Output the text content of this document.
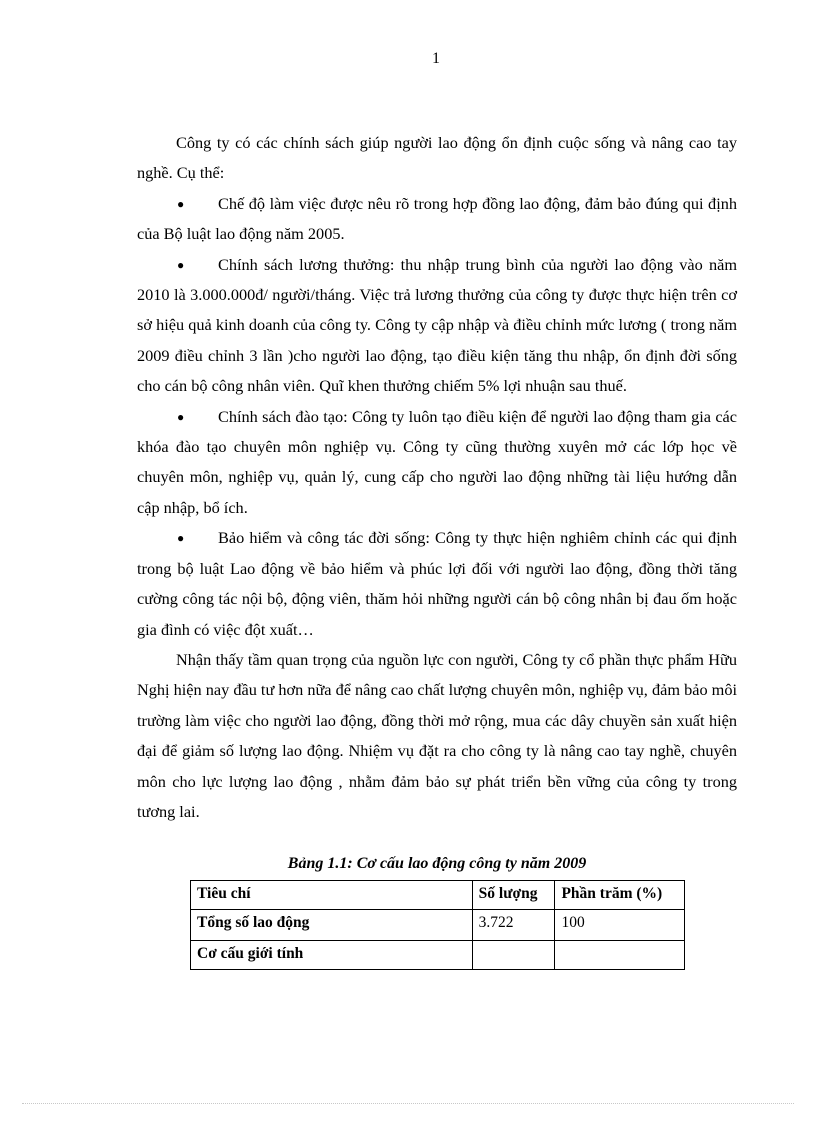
1

Công ty có các chính sách giúp người lao động ổn định cuộc sống và nâng cao tay nghề. Cụ thể:

● Chế độ làm việc được nêu rõ trong hợp đồng lao động, đảm bảo đúng qui định của Bộ luật lao động năm 2005.

● Chính sách lương thưởng: thu nhập trung bình của người lao động vào năm 2010 là 3.000.000đ/ người/tháng. Việc trả lương thưởng của công ty được thực hiện trên cơ sở hiệu quả kinh doanh của công ty. Công ty cập nhập và điều chỉnh mức lương ( trong năm 2009 điều chỉnh 3 lần )cho người lao động, tạo điều kiện tăng thu nhập, ổn định đời sống cho cán bộ công nhân viên. Quĩ khen thưởng chiếm 5% lợi nhuận sau thuế.

● Chính sách đào tạo: Công ty luôn tạo điều kiện để người lao động tham gia các khóa đào tạo chuyên môn nghiệp vụ. Công ty cũng thường xuyên mở các lớp học về chuyên môn, nghiệp vụ, quản lý, cung cấp cho người lao động những tài liệu hướng dẫn cập nhập, bổ ích.

● Bảo hiểm và công tác đời sống: Công ty thực hiện nghiêm chỉnh các qui định trong bộ luật Lao động về bảo hiểm và phúc lợi đối với người lao động, đồng thời tăng cường công tác nội bộ, động viên, thăm hỏi những người cán bộ công nhân bị đau ốm hoặc gia đình có việc đột xuất…

Nhận thấy tầm quan trọng của nguồn lực con người, Công ty cổ phần thực phẩm Hữu Nghị hiện nay đầu tư hơn nữa để nâng cao chất lượng chuyên môn, nghiệp vụ, đảm bảo môi trường làm việc cho người lao động, đồng thời mở rộng, mua các dây chuyền sản xuất hiện đại để giảm số lượng lao động. Nhiệm vụ đặt ra cho công ty là nâng cao tay nghề, chuyên môn cho lực lượng lao động , nhằm đảm bảo sự phát triển bền vững của công ty trong tương lai.

Bảng 1.1: Cơ cấu lao động công ty năm 2009

Tiêu chí	Số lượng	Phần trăm (%)
Tổng số lao động	3.722	100
Cơ cấu giới tính		
